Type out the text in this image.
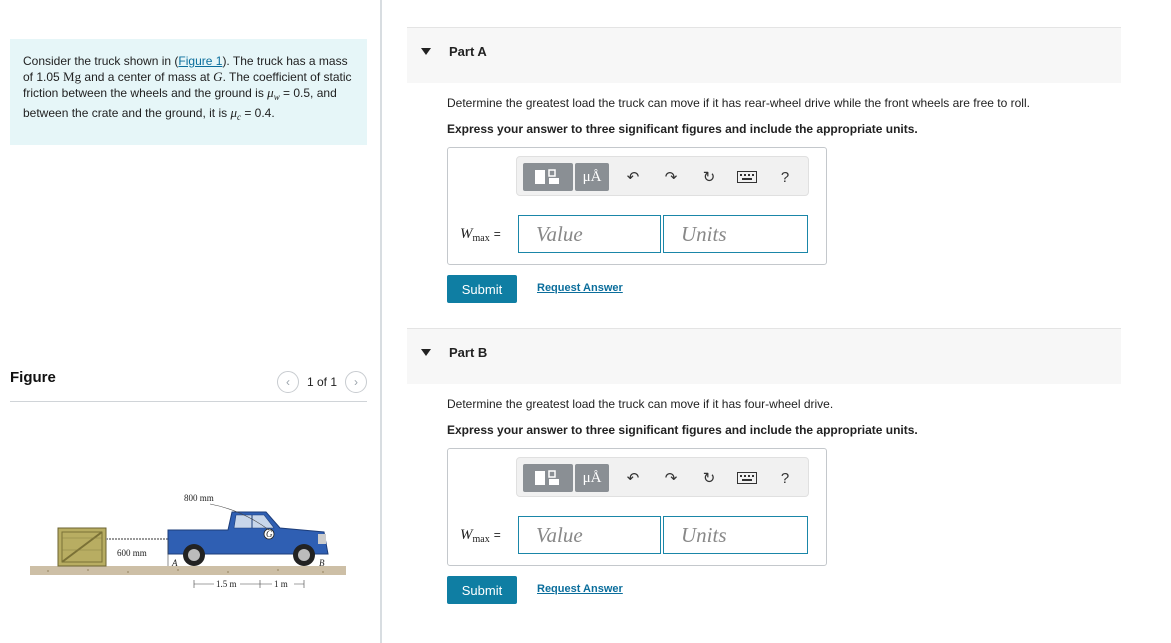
Consider the truck shown in (Figure 1). The truck has a mass of 1.05 Mg and a center of mass at G. The coefficient of static friction between the wheels and the ground is $\mu_w = 0.5$, and between the crate and the ground, it is $\mu_c = 0.4$.
Figure	‹	1 of 1	›
G
800 mm
600 mm
A	B
1.5 m	1 m
Part A
Determine the greatest load the truck can move if it has rear-wheel drive while the front wheels are free to roll.
Express your answer to three significant figures and include the appropriate units.
μÅ	↶ ↷ ↻	?
$W_{max}$ =	Value	Units
Submit	Request Answer
Part B
Determine the greatest load the truck can move if it has four-wheel drive.
Express your answer to three significant figures and include the appropriate units.
μÅ	↶ ↷ ↻	?
$W_{max}$ =	Value	Units
Submit	Request Answer
